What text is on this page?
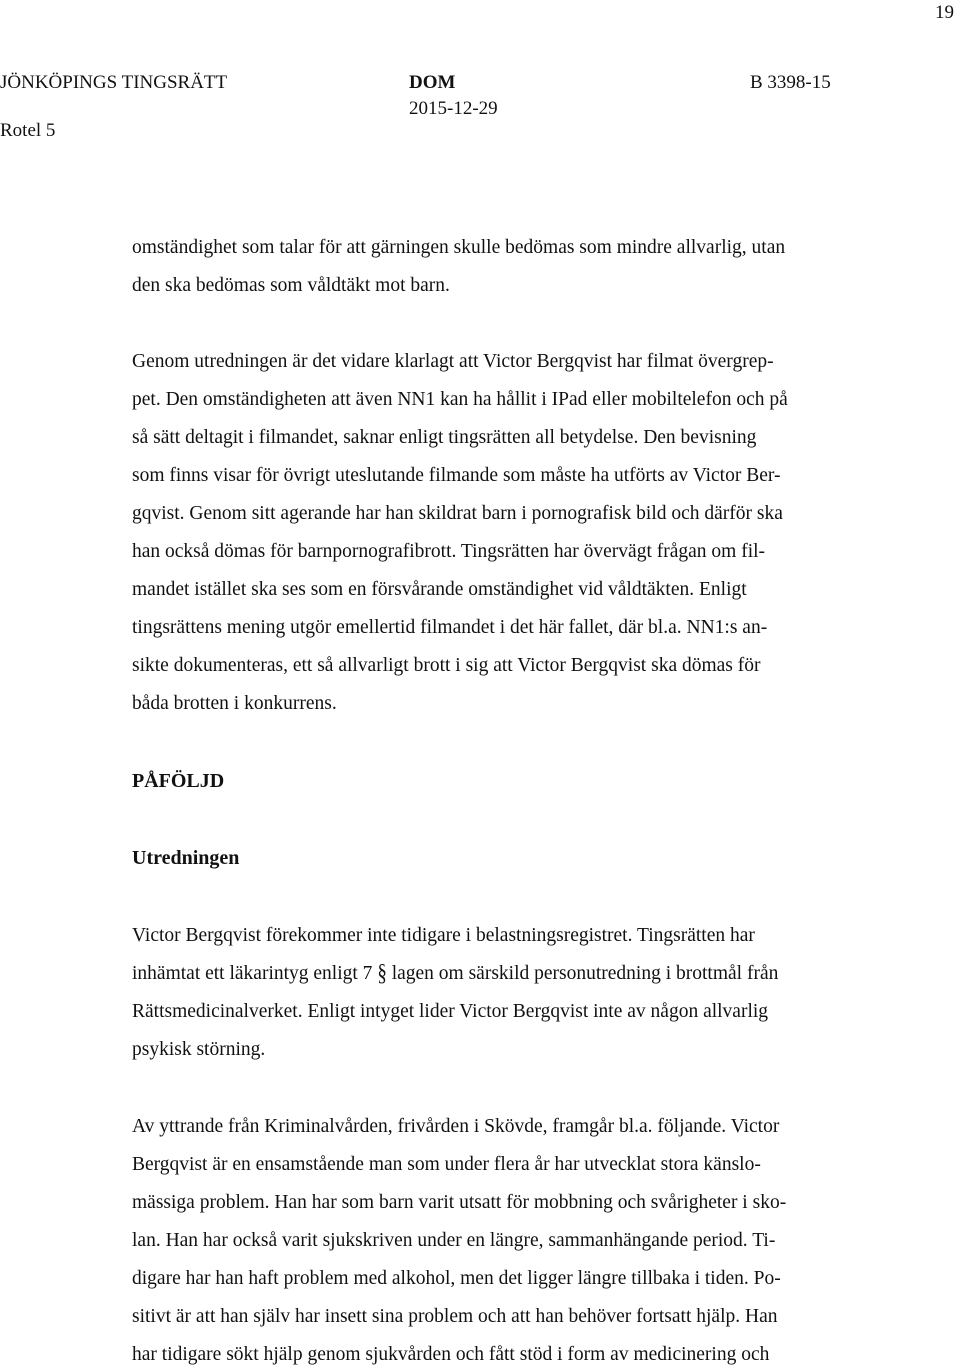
19
JÖNKÖPINGS TINGSRÄTT
Rotel 5
DOM
2015-12-29
B 3398-15
omständighet som talar för att gärningen skulle bedömas som mindre allvarlig, utan
den ska bedömas som våldtäkt mot barn.
Genom utredningen är det vidare klarlagt att Victor Bergqvist har filmat övergrep-
pet. Den omständigheten att även NN1 kan ha hållit i IPad eller mobiltelefon och på
så sätt deltagit i filmandet, saknar enligt tingsrätten all betydelse. Den bevisning
som finns visar för övrigt uteslutande filmande som måste ha utförts av Victor Ber-
gqvist. Genom sitt agerande har han skildrat barn i pornografisk bild och därför ska
han också dömas för barnpornografibrott. Tingsrätten har övervägt frågan om fil-
mandet istället ska ses som en försvårande omständighet vid våldtäkten. Enligt
tingsrättens mening utgör emellertid filmandet i det här fallet, där bl.a. NN1:s an-
sikte dokumenteras, ett så allvarligt brott i sig att Victor Bergqvist ska dömas för
båda brotten i konkurrens.
PÅFÖLJD
Utredningen
Victor Bergqvist förekommer inte tidigare i belastningsregistret. Tingsrätten har
inhämtat ett läkarintyg enligt 7 § lagen om särskild personutredning i brottmål från
Rättsmedicinalverket. Enligt intyget lider Victor Bergqvist inte av någon allvarlig
psykisk störning.
Av yttrande från Kriminalvården, frivården i Skövde, framgår bl.a. följande. Victor
Bergqvist är en ensamstående man som under flera år har utvecklat stora känslo-
mässiga problem. Han har som barn varit utsatt för mobbning och svårigheter i sko-
lan. Han har också varit sjukskriven under en längre, sammanhängande period. Ti-
digare har han haft problem med alkohol, men det ligger längre tillbaka i tiden. Po-
sitivt är att han själv har insett sina problem och att han behöver fortsatt hjälp. Han
har tidigare sökt hjälp genom sjukvården och fått stöd i form av medicinering och
